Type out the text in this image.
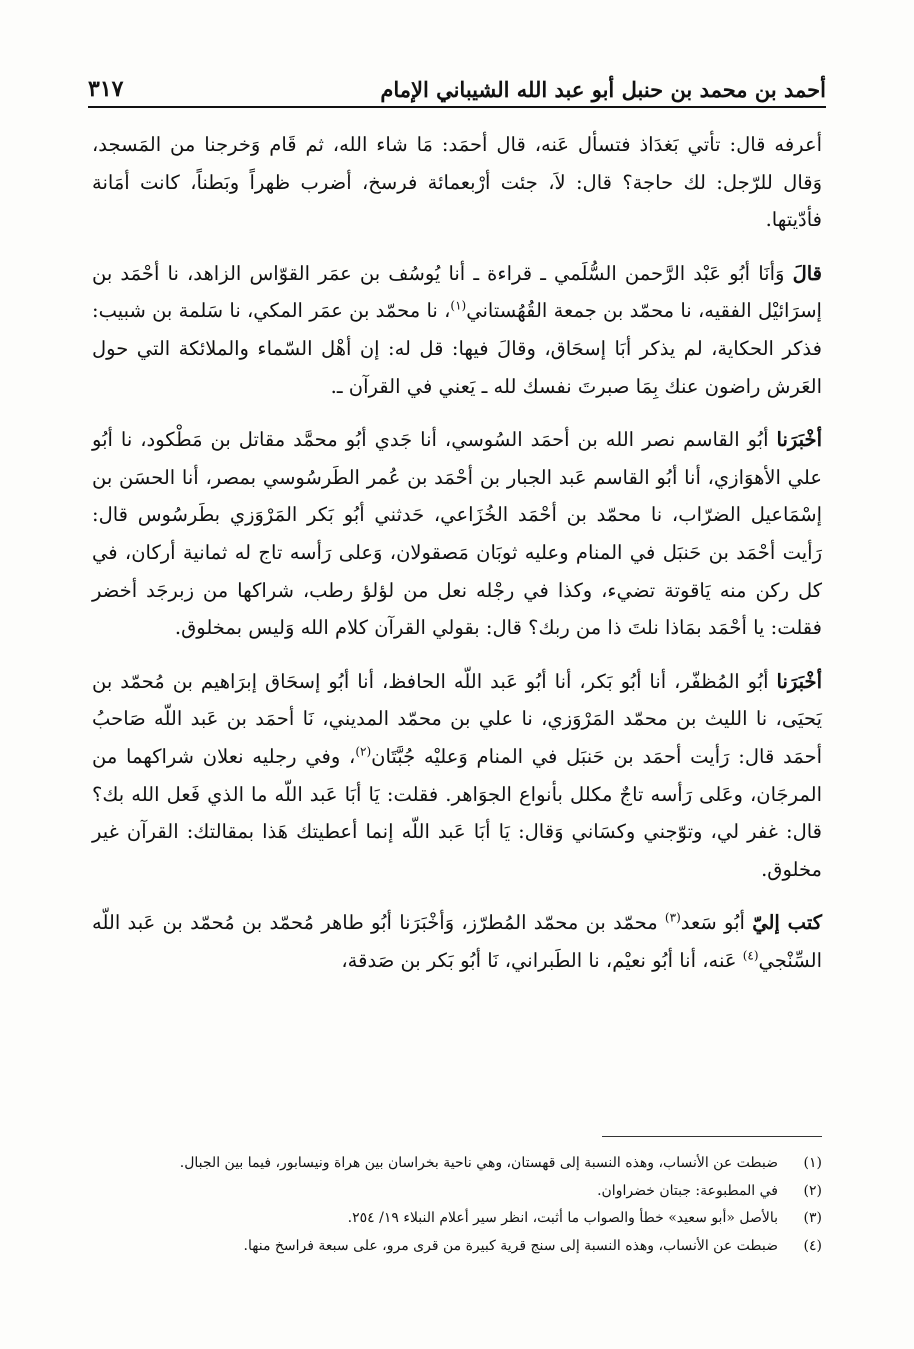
أحمد بن محمد بن حنبل أبو عبد الله الشيباني الإمام
٣١٧

أعرفه قال: تأتي بَغدَاذ فتسأل عَنه، قال أحمَد: مَا شاء الله، ثم قَام وَخرجنا من المَسجد، وَقال للرّجل: لك حاجة؟ قال: لاَ، جئت أرْبعمائة فرسخ، أضرب ظهراً وبَطناً، كانت أمَانة فأدّيتها.

قالَ وَأنَا أبُو عَبْد الرَّحمن السُّلَمي ـ قراءة ـ أنا يُوسُف بن عمَر القوّاس الزاهد، نا أحْمَد بن إسرَائيْل الفقيه، نا محمّد بن جمعة القُهُستاني$^{(١)}$، نا محمّد بن عمَر المكي، نا سَلمة بن شبيب: فذكر الحكاية، لم يذكر أبَا إسحَاق، وقالَ فيها: قل له: إن أهْل السّماء والملائكة التي حول العَرش راضون عنك بِمَا صبرتَ نفسك لله ـ يَعني في القرآن ـ.

أخْبَرَنا أبُو القاسم نصر الله بن أحمَد السُوسي، أنا جَدي أبُو محمَّد مقاتل بن مَطْكود، نا أبُو علي الأهوَازي، أنا أبُو القاسم عَبد الجبار بن أحْمَد بن عُمر الطَرسُوسي بمصر، أنا الحسَن بن إسْمَاعيل الضرّاب، نا محمّد بن أحْمَد الخُزَاعي، حَدثني أبُو بَكر المَرْوَزي بطَرسُوس قال: رَأيت أحْمَد بن حَنبَل في المنام وعليه ثوبَان مَصقولان، وَعلى رَأسه تاج له ثمانية أركان، في كل ركن منه يَاقوتة تضيء، وكذا في رجْله نعل من لؤلؤ رطب، شراكها من زبرجَد أخضر فقلت: يا أحْمَد بمَاذا نلتَ ذا من ربك؟ قال: بقولي القرآن كلام الله وَليس بمخلوق.

أخْبَرَنا أبُو المُظفّر، أنا أبُو بَكر، أنا أبُو عَبد اللّه الحافظ، أنا أبُو إسحَاق إبرَاهيم بن مُحمّد بن يَحيَى، نا الليث بن محمّد المَرْوَزي، نا علي بن محمّد المديني، نَا أحمَد بن عَبد اللّه صَاحبُ أحمَد قال: رَأيت أحمَد بن حَنبَل في المنام وَعليْه جُبَّتَان$^{(٢)}$، وفي رجليه نعلان شراكهما من المرجَان، وعَلى رَأسه تاجٌ مكلل بأنواع الجوَاهر. فقلت: يَا أبَا عَبد اللّه ما الذي فَعل الله بك؟ قال: غفر لي، وتوّجني وكسَاني وَقال: يَا أبَا عَبد اللّه إنما أعطيتك هَذا بمقالتك: القرآن غير مخلوق.

كتب إليّ أبُو سَعد$^{(٣)}$ محمّد بن محمّد المُطرّز، وَأخْبَرَنا أبُو طاهر مُحمّد بن مُحمّد بن عَبد اللّه السِّنْجي$^{(٤)}$ عَنه، أنا أبُو نعيْم، نا الطَبراني، نَا أبُو بَكر بن صَدقة،

(١)
ضبطت عن الأنساب، وهذه النسبة إلى قهستان، وهي ناحية بخراسان بين هراة ونيسابور، فيما بين الجبال.
(٢)
في المطبوعة: جبتان خضراوان.
(٣)
بالأصل «أبو سعيد» خطأ والصواب ما أثبت، انظر سير أعلام النبلاء ١٩/ ٢٥٤.
(٤)
ضبطت عن الأنساب، وهذه النسبة إلى سنج قرية كبيرة من قرى مرو، على سبعة فراسخ منها.
